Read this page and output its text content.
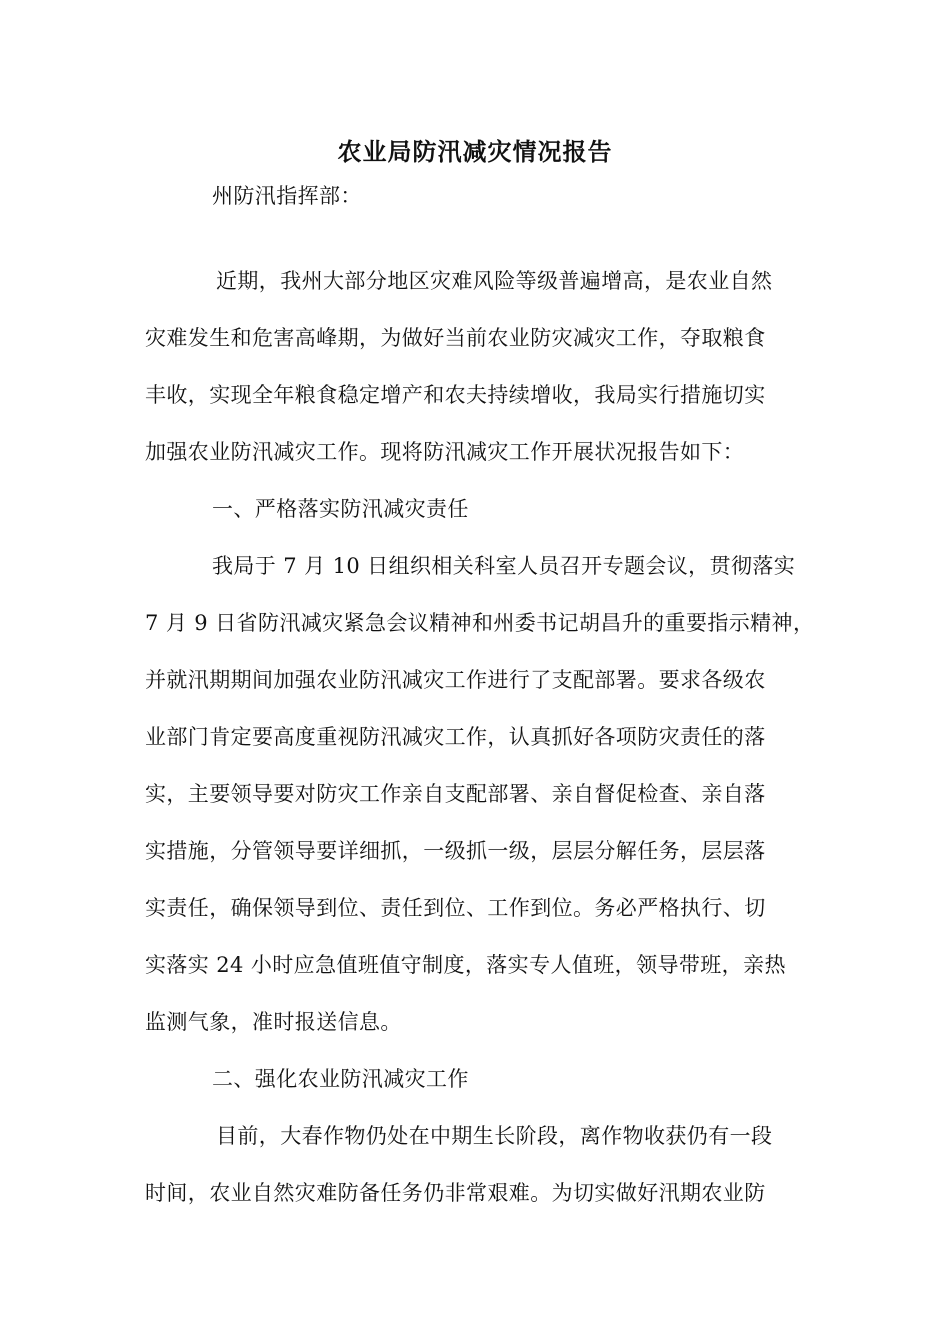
农业局防汛减灾情况报告
州防汛指挥部：
近期，我州大部分地区灾难风险等级普遍增高，是农业自然
灾难发生和危害高峰期，为做好当前农业防灾减灾工作，夺取粮食
丰收，实现全年粮食稳定增产和农夫持续增收，我局实行措施切实
加强农业防汛减灾工作。现将防汛减灾工作开展状况报告如下：
一、严格落实防汛减灾责任
我局于 7 月 10 日组织相关科室人员召开专题会议，贯彻落实
7 月 9 日省防汛减灾紧急会议精神和州委书记胡昌升的重要指示精神，
并就汛期期间加强农业防汛减灾工作进行了支配部署。要求各级农
业部门肯定要高度重视防汛减灾工作，认真抓好各项防灾责任的落
实，主要领导要对防灾工作亲自支配部署、亲自督促检查、亲自落
实措施，分管领导要详细抓，一级抓一级，层层分解任务，层层落
实责任，确保领导到位、责任到位、工作到位。务必严格执行、切
实落实 24 小时应急值班值守制度，落实专人值班，领导带班，亲热
监测气象，准时报送信息。
二、强化农业防汛减灾工作
目前，大春作物仍处在中期生长阶段，离作物收获仍有一段
时间，农业自然灾难防备任务仍非常艰难。为切实做好汛期农业防
